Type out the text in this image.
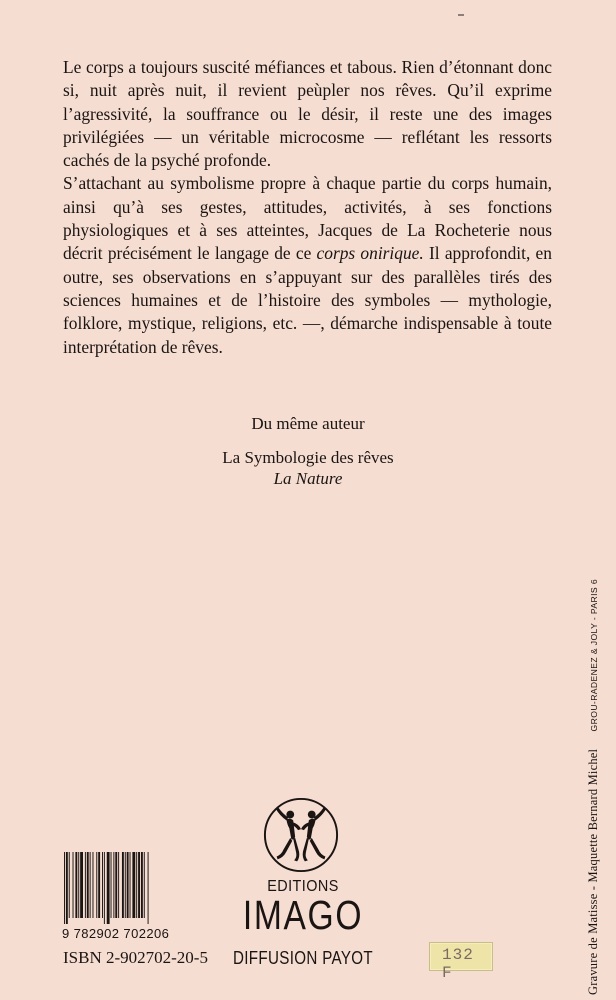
Le corps a toujours suscité méfiances et tabous. Rien d’étonnant donc si, nuit après nuit, il revient peùpler nos rêves. Qu’il exprime l’agressivité, la souffrance ou le désir, il reste une des images privilégiées — un véritable microcosme — reflétant les ressorts cachés de la psyché profonde.

S’attachant au symbolisme propre à chaque partie du corps humain, ainsi qu’à ses gestes, attitudes, activités, à ses fonctions physiologiques et à ses atteintes, Jacques de La Rocheterie nous décrit précisément le langage de ce corps onirique. Il approfondit, en outre, ses observations en s’appuyant sur des parallèles tirés des sciences humaines et de l’histoire des symboles — mythologie, folklore, mystique, religions, etc. —, démarche indispensable à toute interprétation de rêves.

Du même auteur
La Symbologie des rêves
La Nature
Gravure de Matisse - Maquette Bernard Michel GROU-RADENEZ & JOLY - PARIS 6
EDITIONS
IMAGO
DIFFUSION PAYOT
9 782902 702206
ISBN 2-902702-20-5	132 F
